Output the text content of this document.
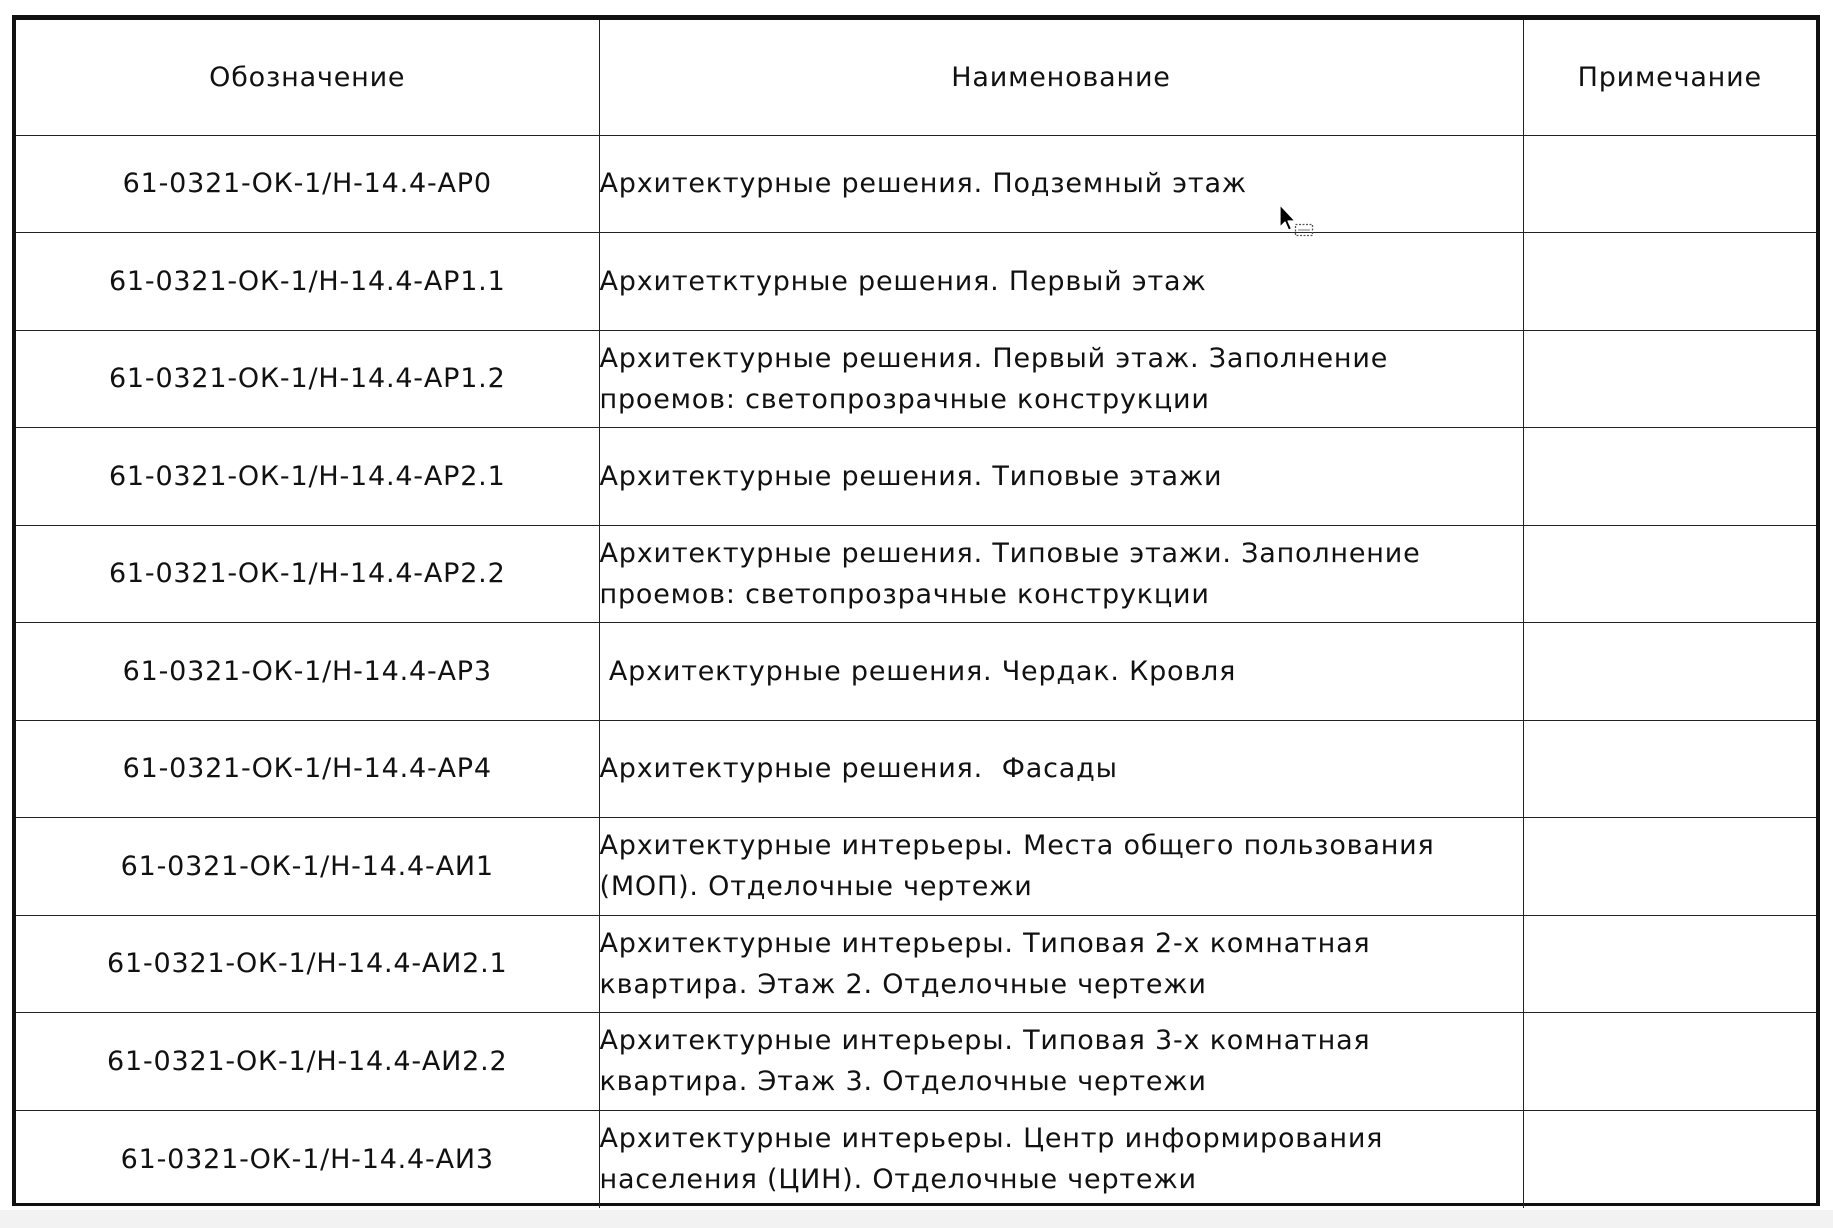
Обозначение	Наименование	Примечание
61-0321-ОК-1/Н-14.4-АР0	Архитектурные решения. Подземный этаж	
61-0321-ОК-1/Н-14.4-АР1.1	Архитетктурные решения. Первый этаж	
61-0321-ОК-1/Н-14.4-АР1.2	Архитектурные решения. Первый этаж. Заполнение проемов: светопрозрачные конструкции	
61-0321-ОК-1/Н-14.4-АР2.1	Архитектурные решения. Типовые этажи	
61-0321-ОК-1/Н-14.4-АР2.2	Архитектурные решения. Типовые этажи. Заполнение проемов: светопрозрачные конструкции	
61-0321-ОК-1/Н-14.4-АР3	Архитектурные решения. Чердак. Кровля	
61-0321-ОК-1/Н-14.4-АР4	Архитектурные решения.  Фасады	
61-0321-ОК-1/Н-14.4-АИ1	Архитектурные интерьеры. Места общего пользования (МОП). Отделочные чертежи	
61-0321-ОК-1/Н-14.4-АИ2.1	Архитектурные интерьеры. Типовая 2-х комнатная квартира. Этаж 2. Отделочные чертежи	
61-0321-ОК-1/Н-14.4-АИ2.2	Архитектурные интерьеры. Типовая 3-х комнатная квартира. Этаж 3. Отделочные чертежи	
61-0321-ОК-1/Н-14.4-АИ3	Архитектурные интерьеры. Центр информирования населения (ЦИН). Отделочные чертежи	
